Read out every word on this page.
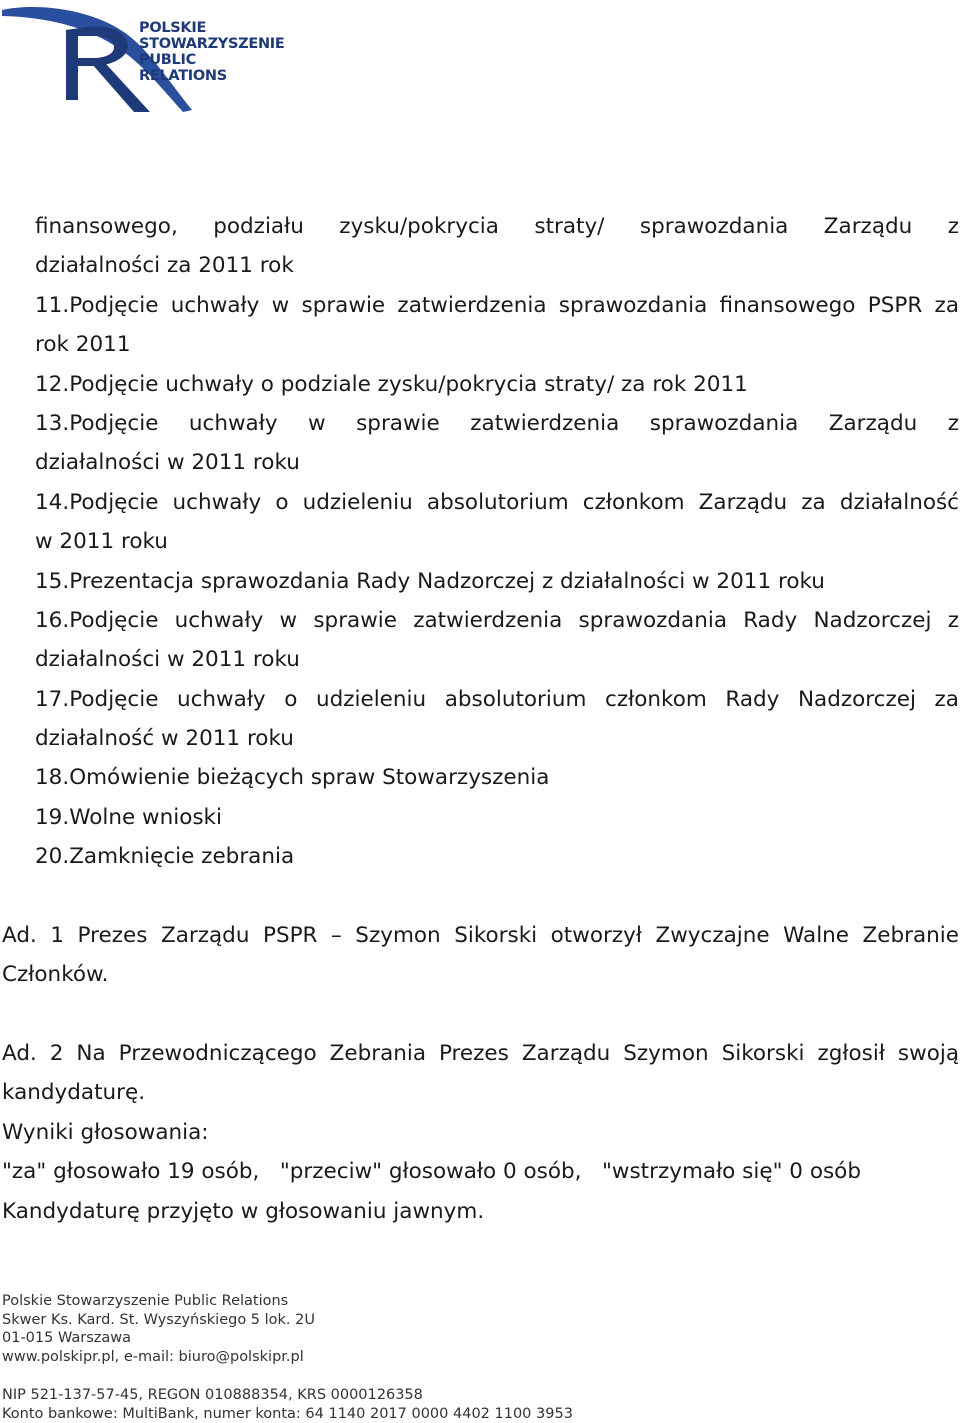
POLSKIE
STOWARZYSZENIE
PUBLIC
RELATIONS
finansowego, podziału zysku/pokrycia straty/ sprawozdania Zarządu z
działalności za 2011 rok
11.Podjęcie uchwały w sprawie zatwierdzenia sprawozdania finansowego PSPR za
rok 2011
12.Podjęcie uchwały o podziale zysku/pokrycia straty/ za rok 2011
13.Podjęcie uchwały w sprawie zatwierdzenia sprawozdania Zarządu z
działalności w 2011 roku
14.Podjęcie uchwały o udzieleniu absolutorium członkom Zarządu za działalność
w 2011 roku
15.Prezentacja sprawozdania Rady Nadzorczej z działalności w 2011 roku
16.Podjęcie uchwały w sprawie zatwierdzenia sprawozdania Rady Nadzorczej z
działalności w 2011 roku
17.Podjęcie uchwały o udzieleniu absolutorium członkom Rady Nadzorczej za
działalność w 2011 roku
18.Omówienie bieżących spraw Stowarzyszenia
19.Wolne wnioski
20.Zamknięcie zebrania
Ad. 1 Prezes Zarządu PSPR – Szymon Sikorski otworzył Zwyczajne Walne Zebranie
Członków.
Ad. 2 Na Przewodniczącego Zebrania Prezes Zarządu Szymon Sikorski zgłosił swoją
kandydaturę.
Wyniki głosowania:
"za" głosowało 19 osób,   "przeciw" głosowało 0 osób,   "wstrzymało się" 0 osób
Kandydaturę przyjęto w głosowaniu jawnym.
Polskie Stowarzyszenie Public Relations
Skwer Ks. Kard. St. Wyszyńskiego 5 lok. 2U
01-015 Warszawa
www.polskipr.pl, e-mail: biuro@polskipr.pl
NIP 521-137-57-45, REGON 010888354, KRS 0000126358
Konto bankowe: MultiBank, numer konta: 64 1140 2017 0000 4402 1100 3953
